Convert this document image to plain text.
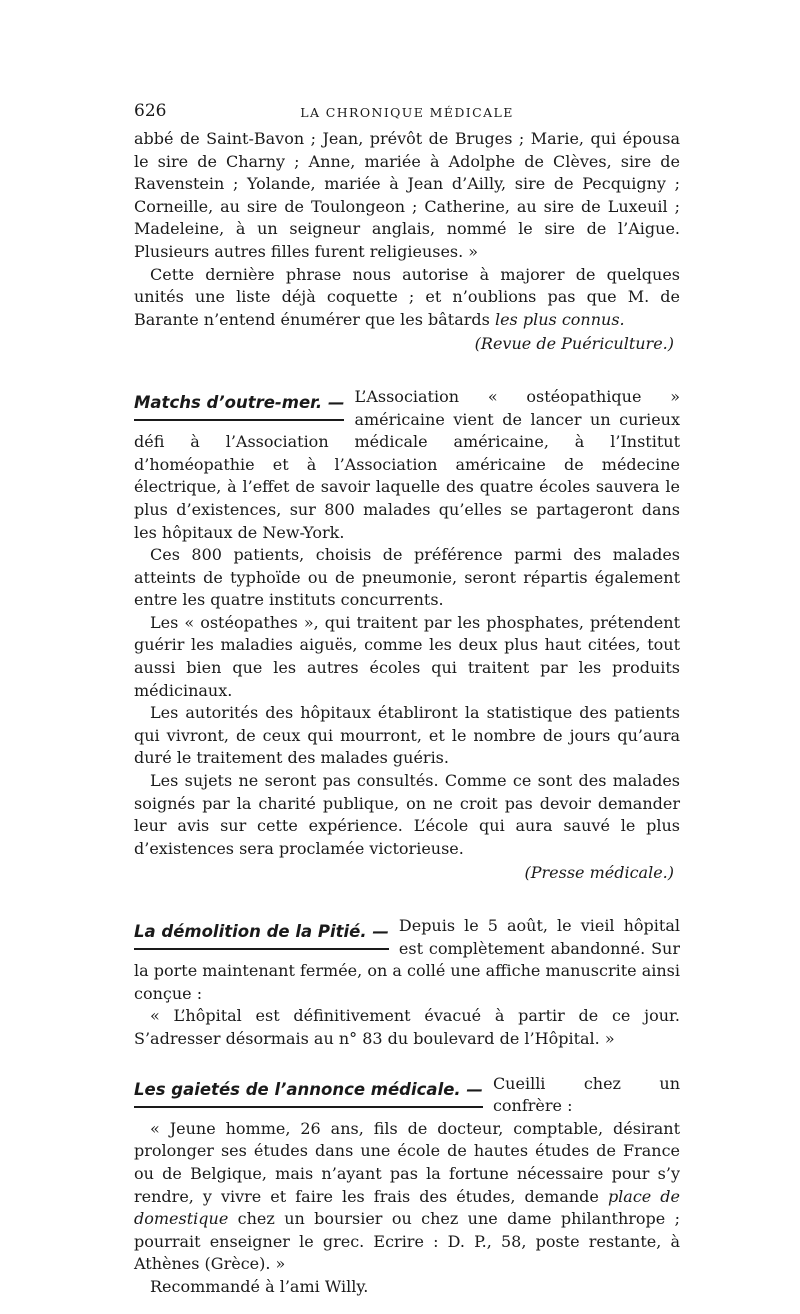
626	LA CHRONIQUE MÉDICALE

abbé de Saint-Bavon ; Jean, prévôt de Bruges ; Marie, qui épousa le sire de Charny ; Anne, mariée à Adolphe de Clèves, sire de Ravenstein ; Yolande, mariée à Jean d’Ailly, sire de Pecquigny ; Corneille, au sire de Toulongeon ; Catherine, au sire de Luxeuil ; Madeleine, à un seigneur anglais, nommé le sire de l’Aigue. Plusieurs autres filles furent religieuses. »

Cette dernière phrase nous autorise à majorer de quelques unités une liste déjà coquette ; et n’oublions pas que M. de Barante n’entend énumérer que les bâtards les plus connus.

(Revue de Puériculture.)

Matchs d’outre-mer. — L’Association « ostéopathique » américaine vient de lancer un curieux défi à l’Association médicale américaine, à l’Institut d’homéopathie et à l’Association américaine de médecine électrique, à l’effet de savoir laquelle des quatre écoles sauvera le plus d’existences, sur 800 malades qu’elles se partageront dans les hôpitaux de New-York.

Ces 800 patients, choisis de préférence parmi des malades atteints de typhoïde ou de pneumonie, seront répartis également entre les quatre instituts concurrents.

Les « ostéopathes », qui traitent par les phosphates, prétendent guérir les maladies aiguës, comme les deux plus haut citées, tout aussi bien que les autres écoles qui traitent par les produits médicinaux.

Les autorités des hôpitaux établiront la statistique des patients qui vivront, de ceux qui mourront, et le nombre de jours qu’aura duré le traitement des malades guéris.

Les sujets ne seront pas consultés. Comme ce sont des malades soignés par la charité publique, on ne croit pas devoir demander leur avis sur cette expérience. L’école qui aura sauvé le plus d’existences sera proclamée victorieuse.

(Presse médicale.)

La démolition de la Pitié. — Depuis le 5 août, le vieil hôpital est complètement abandonné. Sur la porte maintenant fermée, on a collé une affiche manuscrite ainsi conçue :

« L’hôpital est définitivement évacué à partir de ce jour. S’adresser désormais au n° 83 du boulevard de l’Hôpital. »

Les gaietés de l’annonce médicale. — Cueilli chez un confrère :

« Jeune homme, 26 ans, fils de docteur, comptable, désirant prolonger ses études dans une école de hautes études de France ou de Belgique, mais n’ayant pas la fortune nécessaire pour s’y rendre, y vivre et faire les frais des études, demande place de domestique chez un boursier ou chez une dame philanthrope ; pourrait enseigner le grec. Ecrire : D. P., 58, poste restante, à Athènes (Grèce). »

Recommandé à l’ami Willy.
